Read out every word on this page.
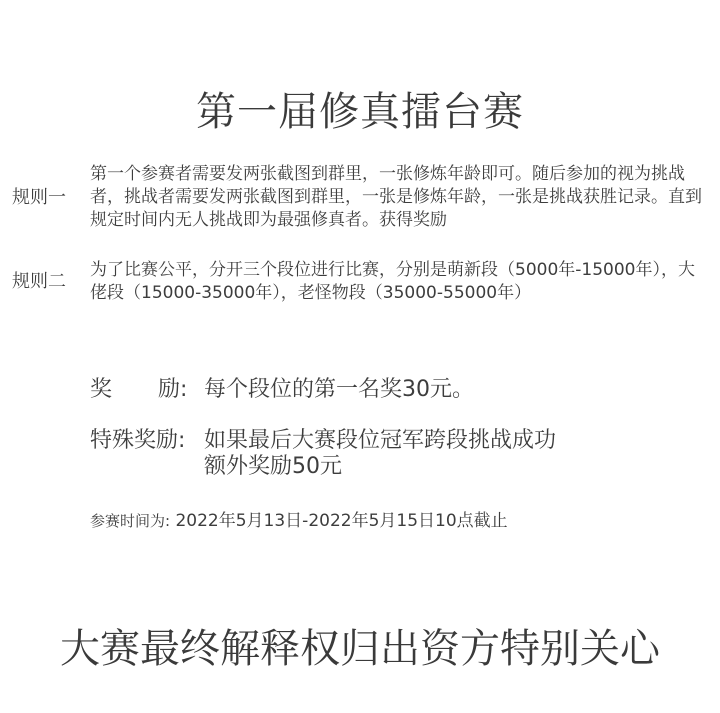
第一届修真擂台赛
规则一
第一个参赛者需要发两张截图到群里，一张修炼年龄即可。随后参加的视为挑战者，挑战者需要发两张截图到群里，一张是修炼年龄，一张是挑战获胜记录。直到规定时间内无人挑战即为最强修真者。获得奖励
规则二
为了比赛公平，分开三个段位进行比赛，分别是萌新段（5000年-15000年），大佬段（15000-35000年），老怪物段（35000-55000年）
奖 励: 每个段位的第一名奖30元。
特殊奖励: 如果最后大赛段位冠军跨段挑战成功
额外奖励50元
参赛时间为: 2022年5月13日-2022年5月15日10点截止
大赛最终解释权归出资方特别关心
